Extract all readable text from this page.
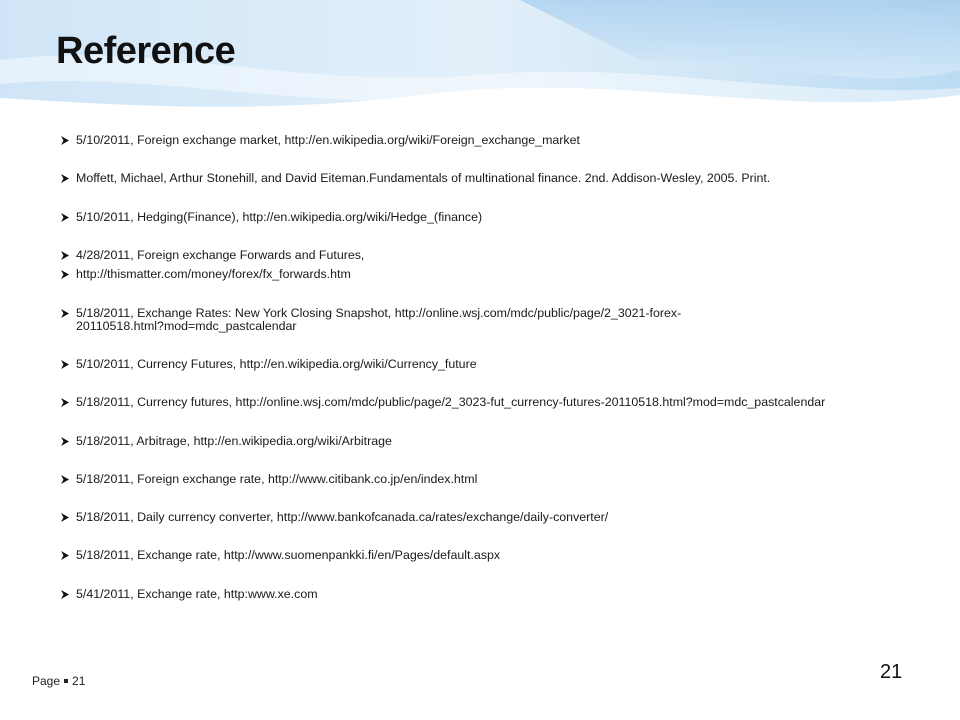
Reference
5/10/2011, Foreign exchange market, http://en.wikipedia.org/wiki/Foreign_exchange_market
Moffett, Michael, Arthur Stonehill, and David Eiteman.Fundamentals of multinational finance. 2nd. Addison-Wesley, 2005. Print.
5/10/2011, Hedging(Finance), http://en.wikipedia.org/wiki/Hedge_(finance)
4/28/2011, Foreign exchange Forwards and Futures,
http://thismatter.com/money/forex/fx_forwards.htm
5/18/2011, Exchange Rates: New York Closing Snapshot, http://online.wsj.com/mdc/public/page/2_3021-forex-20110518.html?mod=mdc_pastcalendar
5/10/2011, Currency Futures, http://en.wikipedia.org/wiki/Currency_future
5/18/2011, Currency futures, http://online.wsj.com/mdc/public/page/2_3023-fut_currency-futures-20110518.html?mod=mdc_pastcalendar
5/18/2011, Arbitrage, http://en.wikipedia.org/wiki/Arbitrage
5/18/2011, Foreign exchange rate, http://www.citibank.co.jp/en/index.html
5/18/2011, Daily currency converter, http://www.bankofcanada.ca/rates/exchange/daily-converter/
5/18/2011, Exchange rate, http://www.suomenpankki.fi/en/Pages/default.aspx
5/41/2011, Exchange rate, http:www.xe.com
Page 21	21
